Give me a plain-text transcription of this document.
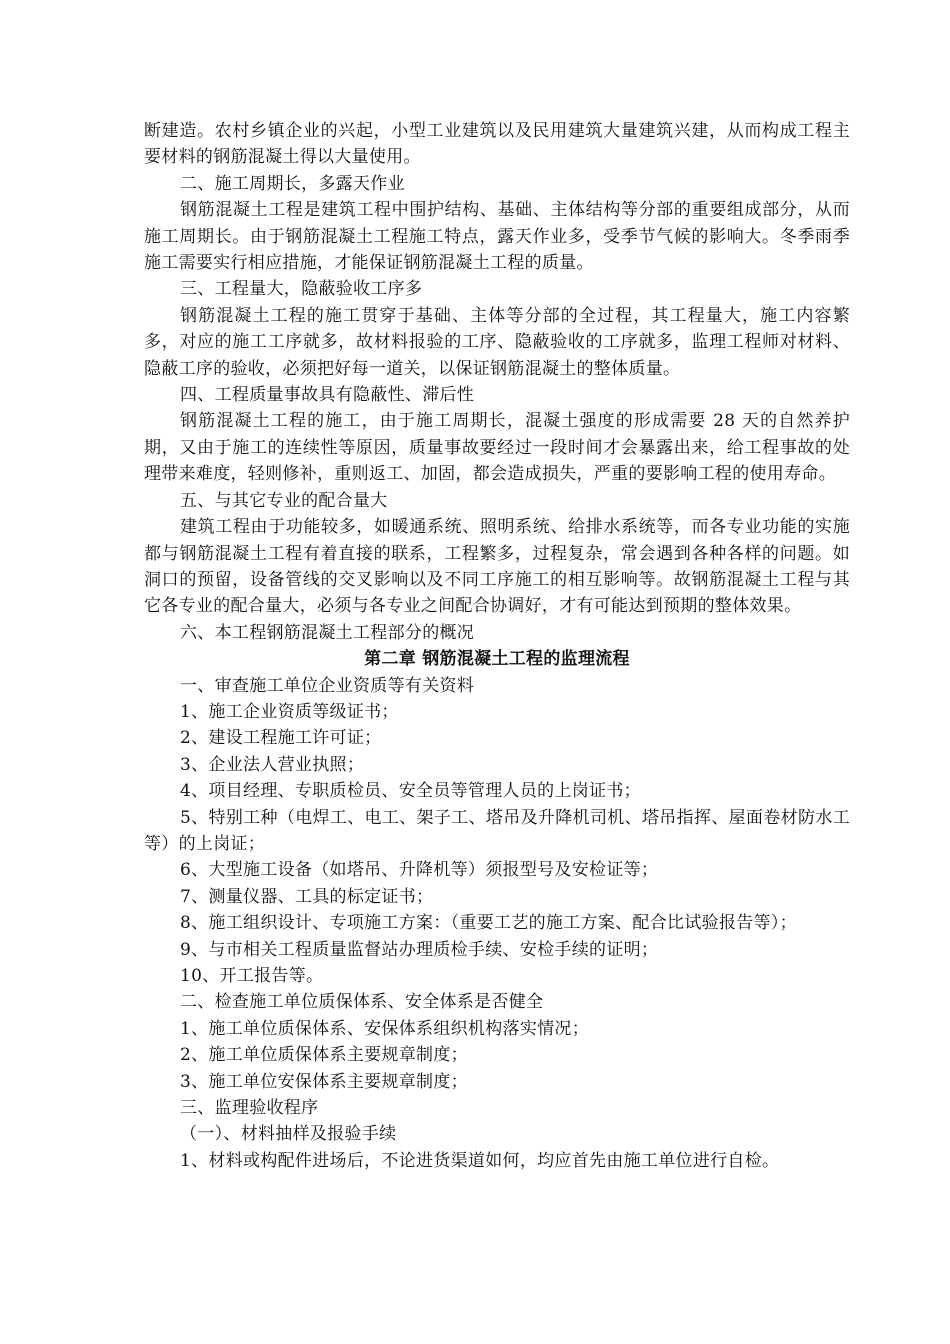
断建造。农村乡镇企业的兴起，小型工业建筑以及民用建筑大量建筑兴建，从而构成工程主要材料的钢筋混凝土得以大量使用。

二、施工周期长，多露天作业

钢筋混凝土工程是建筑工程中围护结构、基础、主体结构等分部的重要组成部分，从而施工周期长。由于钢筋混凝土工程施工特点，露天作业多，受季节气候的影响大。冬季雨季施工需要实行相应措施，才能保证钢筋混凝土工程的质量。

三、工程量大，隐蔽验收工序多

钢筋混凝土工程的施工贯穿于基础、主体等分部的全过程，其工程量大，施工内容繁多，对应的施工工序就多，故材料报验的工序、隐蔽验收的工序就多，监理工程师对材料、隐蔽工序的验收，必须把好每一道关，以保证钢筋混凝土的整体质量。

四、工程质量事故具有隐蔽性、滞后性

钢筋混凝土工程的施工，由于施工周期长，混凝土强度的形成需要 28 天的自然养护期，又由于施工的连续性等原因，质量事故要经过一段时间才会暴露出来，给工程事故的处理带来难度，轻则修补，重则返工、加固，都会造成损失，严重的要影响工程的使用寿命。

五、与其它专业的配合量大

建筑工程由于功能较多，如暖通系统、照明系统、给排水系统等，而各专业功能的实施都与钢筋混凝土工程有着直接的联系，工程繁多，过程复杂，常会遇到各种各样的问题。如洞口的预留，设备管线的交叉影响以及不同工序施工的相互影响等。故钢筋混凝土工程与其它各专业的配合量大，必须与各专业之间配合协调好，才有可能达到预期的整体效果。

六、本工程钢筋混凝土工程部分的概况

第二章 钢筋混凝土工程的监理流程

一、审查施工单位企业资质等有关资料

1、施工企业资质等级证书；

2、建设工程施工许可证；

3、企业法人营业执照；

4、项目经理、专职质检员、安全员等管理人员的上岗证书；

5、特别工种（电焊工、电工、架子工、塔吊及升降机司机、塔吊指挥、屋面卷材防水工等）的上岗证；

6、大型施工设备（如塔吊、升降机等）须报型号及安检证等；

7、测量仪器、工具的标定证书；

8、施工组织设计、专项施工方案：（重要工艺的施工方案、配合比试验报告等）；

9、与市相关工程质量监督站办理质检手续、安检手续的证明；

10、开工报告等。

二、检查施工单位质保体系、安全体系是否健全

1、施工单位质保体系、安保体系组织机构落实情况；

2、施工单位质保体系主要规章制度；

3、施工单位安保体系主要规章制度；

三、监理验收程序

（一）、材料抽样及报验手续

1、材料或构配件进场后，不论进货渠道如何，均应首先由施工单位进行自检。
